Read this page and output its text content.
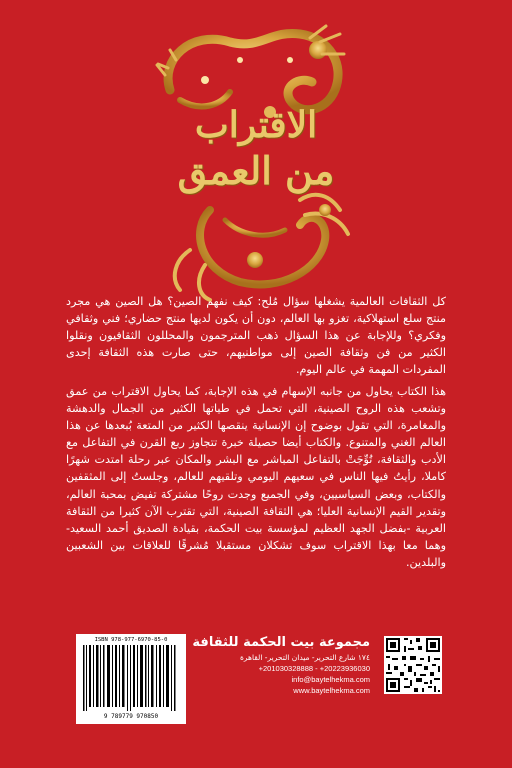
الاقتراب
من العمق
كل الثقافات العالمية يشغلها سؤال مُلح: كيف نفهم الصين؟ هل الصين هي مجرد منتج سلع استهلاكية، تغزو بها العالم، دون أن يكون لديها منتج حضاري؛ فني وثقافي وفكري؟ وللإجابة عن هذا السؤال ذهب المترجمون والمحللون الثقافيون ونقلوا الكثير من فن وثقافة الصين إلى مواطنيهم، حتى صارت هذه الثقافة إحدى المفردات المهمة في عالم اليوم.
هذا الكتاب يحاول من جانبه الإسهام في هذه الإجابة، كما يحاول الاقتراب من عمق وتشعب هذه الروح الصينية، التي تحمل في طياتها الكثير من الجمال والدهشة والمغامرة، التي تقول بوضوح إن الإنسانية ينقصها الكثير من المتعة بُبعدها عن هذا العالم الغني والمتنوع. والكتاب أيضا حصيلة خبرة تتجاوز ربع القرن في التفاعل مع الأدب والثقافة، تُوِّجَتْ بالتفاعل المباشر مع البشر والمكان عبر رحلة امتدت شهرًا كاملا، رأيتُ فيها الناس في سعيهم اليومي وتلقيهم للعالم، وجلستُ إلى المثقفين والكتاب، وبعض السياسيين، وفي الجميع وجدت روحًا مشتركة تفيض بمحبة العالم، وتقدير القيم الإنسانية العليا؛ هي الثقافة الصينية، التي تقترب الآن كثيرا من الثقافة العربية -بفضل الجهد العظيم لمؤسسة بيت الحكمة، بقيادة الصديق أحمد السعيد- وهما معا بهذا الاقتراب سوف تشكلان مستقبلا مُشرقًا للعلاقات بين الشعبين والبلدين.
ISBN 978-977-6970-85-0
9 789779 970850
مجموعة بيت الحكمة للثقافة
١٧٤ شارع التحرير- ميدان التحرير- القاهرة
+201030328888 - +20223936030
info@baytelhekma.com
www.baytelhekma.com
